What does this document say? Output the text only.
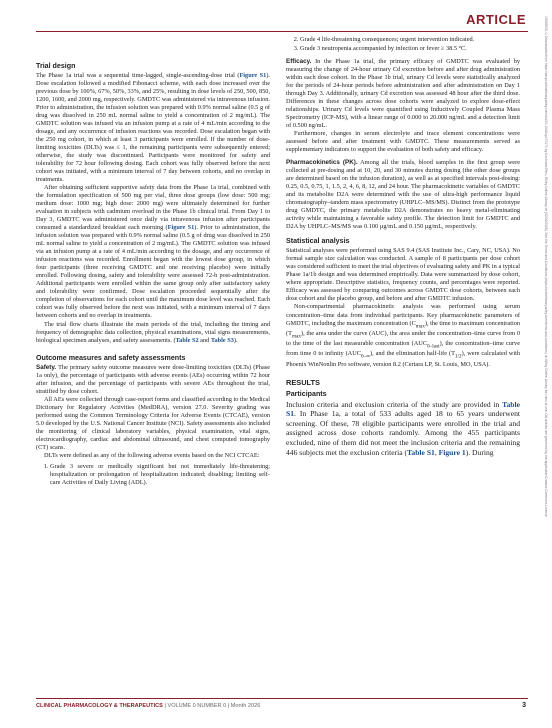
ARTICLE	15326535, 0, Downloaded from https://ascpt.onlinelibrary.wiley.com/doi/10.1002/cpt.70171 by Cochrane Peru, Wiley Online Library on [02/04/2026]. See the Terms and Conditions (https://onlinelibrary.wiley.com/terms-and-conditions) on Wiley Online Library for rules of use; OA articles are governed by the applicable Creative Commons License
Trial design

The Phase 1a trial was a sequential time-lagged, single-ascending-dose trial (Figure S1). Dose escalation followed a modified Fibonacci scheme, with each dose increased over the previous dose by 100%, 67%, 50%, 33%, and 25%, resulting in dose levels of 250, 500, 850, 1200, 1600, and 2000 mg, respectively. GMDTC was administered via intravenous infusion. Prior to administration, the infusion solution was prepared with 0.9% normal saline (0.5 g of drug was dissolved in 250 mL normal saline to yield a concentration of 2 mg/mL). The GMDTC solution was infused via an infusion pump at a rate of 4 mL/min according to the dosage, and any occurrence of infusion reactions was recorded. Dose escalation began with the 250 mg cohort, in which at least 3 participants were enrolled. If the number of dose-limiting toxicities (DLTs) was ≤ 1, the remaining participants were subsequently entered; otherwise, the study was discontinued. Participants were monitored for safety and tolerability for 72 hour following dosing. Each cohort was fully observed before the next cohort was initiated, with a minimum interval of 7 day between cohorts, and no overlap in treatments.

After obtaining sufficient supportive safety data from the Phase 1a trial, combined with the formulation specification of 500 mg per vial, three dose groups (low dose: 500 mg; medium dose: 1000 mg; high dose: 2000 mg) were ultimately determined for further evaluation in subjects with cadmium overload in the Phase 1b clinical trial. From Day 1 to Day 3, GMDTC was administered once daily via intravenous infusion after participants consumed a standardized breakfast each morning (Figure S1). Prior to administration, the infusion solution was prepared with 0.9% normal saline (0.5 g of drug was dissolved in 250 mL normal saline to yield a concentration of 2 mg/mL). The GMDTC solution was infused via an infusion pump at a rate of 4 mL/min according to the dosage, and any occurrence of infusion reactions was recorded. Enrollment began with the lowest dose group, in which four participants (three receiving GMDTC and one receiving placebo) were initially enrolled. Following dosing, safety and tolerability were assessed 72-h post-administration. Additional participants were enrolled within the same group only after satisfactory safety and tolerability were confirmed. Dose escalation proceeded sequentially after the completion of observations for each cohort until the maximum dose level was reached. Each cohort was fully observed before the next was initiated, with a minimum interval of 7 days between cohorts and no overlap in treatments.

The trial flow charts illustrate the main periods of the trial, including the timing and frequency of demographic data collection, physical examinations, vital signs measurements, biological specimen analyses, and safety assessments. (Table S2 and Table S3).

Outcome measures and safety assessments

Safety. The primary safety outcome measures were dose-limiting toxicities (DLTs) (Phase 1a only), the percentage of participants with adverse events (AEs) occurring within 72 hour after infusion, and the percentage of participants with severe AEs throughout the trial, stratified by dose cohort.

All AEs were collected through case-report forms and classified according to the Medical Dictionary for Regulatory Activities (MedDRA), version 27.0. Severity grading was performed using the Common Terminology Criteria for Adverse Events (CTCAE), version 5.0 developed by the U.S. National Cancer Institute (NCI). Safety assessments also included the monitoring of clinical laboratory variables, physical examination, vital signs, electrocardiography, cardiac and abdominal ultrasound, and chest computed tomography (CT) scans.

DLTs were defined as any of the following adverse events based on the NCI CTCAE:

1. Grade 3 severe or medically significant but not immediately life-threatening; hospitalization or prolongation of hospitalization indicated; disabling; limiting self-care Activities of Daily Living (ADL).
2. Grade 4 life-threatening consequences; urgent intervention indicated.
3. Grade 3 neutropenia accompanied by infection or fever ≥ 38.5 °C.

Efficacy. In the Phase 1a trial, the primary efficacy of GMDTC was evaluated by measuring the change of 24-hour urinary Cd excretion before and after drug administration within each dose cohort. In the Phase 1b trial, urinary Cd levels were statistically analyzed for the periods of 24-hour periods before administration and after administration on Day 1 through Day 3. Additionally, urinary Cd excretion was assessed 48 hour after the third dose. Differences in these changes across dose cohorts were analyzed to explore dose-effect relationships. Urinary Cd levels were quantified using Inductively Coupled Plasma Mass Spectrometry (ICP-MS), with a linear range of 0.000 to 20.000 ng/mL and a detection limit of 0.500 ng/mL.

Furthermore, changes in serum electrolyte and trace element concentrations were assessed before and after treatment with GMDTC. These measurements served as supplementary indicators to support the evaluation of both safety and efficacy.

Pharmacokinetics (PK). Among all the trials, blood samples in the first group were collected at pre-dosing and at 10, 20, and 30 minutes during dosing (the other dose groups are determined based on the infusion duration), as well as at specified intervals post-dosing: 0.25, 0.5, 0.75, 1, 1.5, 2, 4, 6, 8, 12, and 24 hour. The pharmacokinetic variables of GMDTC and its metabolite D2A were determined with the use of ultra-high performance liquid chromatography–tandem mass spectrometry (UHPLC–MS/MS). Distinct from the prototype drug GMDTC, the primary metabolite D2A demonstrates no heavy metal-eliminating activity while maintaining a favorable safety profile. The detection limit for GMDTC and D2A by UHPLC–MS/MS was 0.100 µg/mL and 0.150 µg/mL, respectively.

Statistical analysis

Statistical analyses were performed using SAS 9.4 (SAS Institute Inc., Cary, NC, USA). No formal sample size calculation was conducted. A sample of 8 participants per dose cohort was considered sufficient to meet the trial objectives of evaluating safety and PK in a typical Phase 1a/1b design and was determined empirically. Data were summarized by dose cohort, where appropriate. Descriptive statistics, frequency counts, and percentages were reported. Efficacy was assessed by comparing outcomes across GMDTC dose cohorts, between each dose cohort and the placebo group, and before and after GMDTC infusion.

Non-compartmental pharmacokinetic analysis was performed using serum concentration–time data from individual participants. Key pharmacokinetic parameters of GMDTC, including the maximum concentration $(C_{max})$, the time to maximum concentration $(T_{max})$, the area under the curve (AUC), the area under the concentration–time curve from 0 to the time of the last measurable concentration $(AUC_{0-last})$, the concentration–time curve from time 0 to infinity $(AUC_{0-\infty})$, and the elimination half-life $(T_{1/2})$, were calculated with Phoenix WinNonlin Pro software, version 8.2 (Certara LP, St. Louis, MO, USA).

RESULTS
Participants

Inclusion criteria and exclusion criteria of the study are provided in Table S1. In Phase 1a, a total of 533 adults aged 18 to 65 years underwent screening. Of these, 78 eligible participants were enrolled in the trial and assigned across dose cohorts randomly. Among the 455 participants excluded, nine of them did not meet the inclusion criteria and the remaining 446 subjects met the exclusion criteria (Table S1, Figure 1). During

CLINICAL PHARMACOLOGY & THERAPEUTICS | VOLUME 0 NUMBER 0 | Month 2026	3
